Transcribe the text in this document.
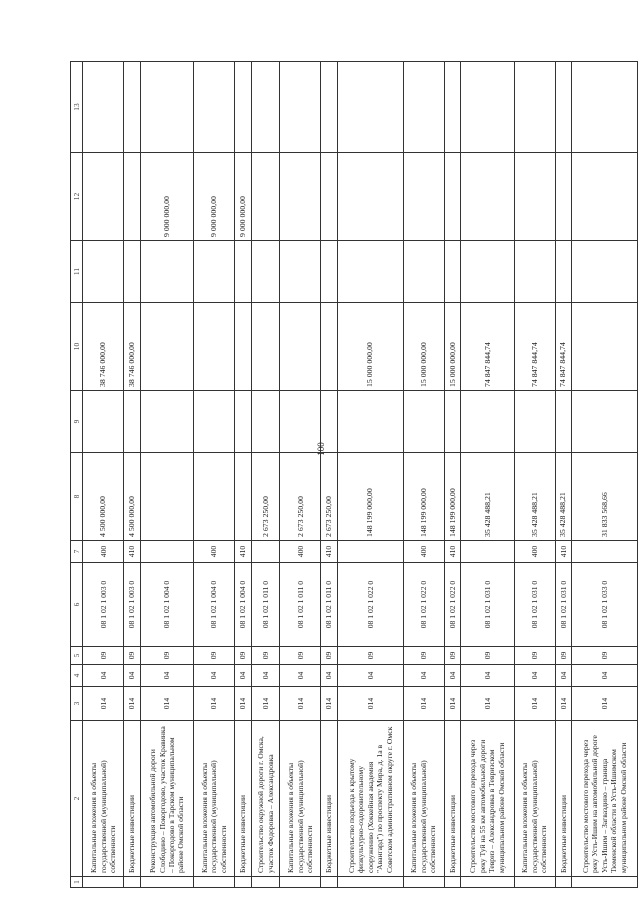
100
1	2	3	4	5	6	7	8	9	10	11	12	13
	Капитальные вложения в объекты государственной (муниципальной) собственности	014	04	09	08 1 02 1 003 0	400	4 500 000,00		38 746 000,00			
	Бюджетные инвестиции	014	04	09	08 1 02 1 003 0	410	4 500 000,00		38 746 000,00			
	Реконструкция автомобильной дороги Слободино – Покоргодово, участок Кравинка – Покоргодово в Тарском муниципальном районе Омской области	014	04	09	08 1 02 1 004 0						9 000 000,00	
	Капитальные вложения в объекты государственной (муниципальной) собственности	014	04	09	08 1 02 1 004 0	400					9 000 000,00	
	Бюджетные инвестиции	014	04	09	08 1 02 1 004 0	410					9 000 000,00	
	Строительство окружной дороги г. Омска, участок Федоровка – Александровка	014	04	09	08 1 02 1 011 0		2 673 250,00					
	Капитальные вложения в объекты государственной (муниципальной) собственности	014	04	09	08 1 02 1 011 0	400	2 673 250,00					
	Бюджетные инвестиции	014	04	09	08 1 02 1 011 0	410	2 673 250,00					
	Строительство подъезда к крытому физкультурно-оздоровительному сооружению (Хоккейная академия "Авангард") по проспекту Мира, д. 1а в Советском административном округе г. Омск	014	04	09	08 1 02 1 022 0		148 199 000,00		15 000 000,00			
	Капитальные вложения в объекты государственной (муниципальной) собственности	014	04	09	08 1 02 1 022 0	400	148 199 000,00		15 000 000,00			
	Бюджетные инвестиции	014	04	09	08 1 02 1 022 0	410	148 199 000,00		15 000 000,00			
	Строительство мостового перехода через реку Туй на 55 км автомобильной дороги Тевриз – Александровка в Тевризском муниципальном районе Омской области	014	04	09	08 1 02 1 031 0		35 428 488,21		74 847 844,74			
	Капитальные вложения в объекты государственной (муниципальной) собственности	014	04	09	08 1 02 1 031 0	400	35 428 488,21		74 847 844,74			
	Бюджетные инвестиции	014	04	09	08 1 02 1 031 0	410	35 428 488,21		74 847 844,74			
	Строительство мостового перехода через реку Усть-Ишим на автомобильной дороге Усть-Ишим – Загваздино – граница Тюменской области в Усть-Ишимском муниципальном районе Омской области	014	04	09	08 1 02 1 033 0		31 833 568,66					
